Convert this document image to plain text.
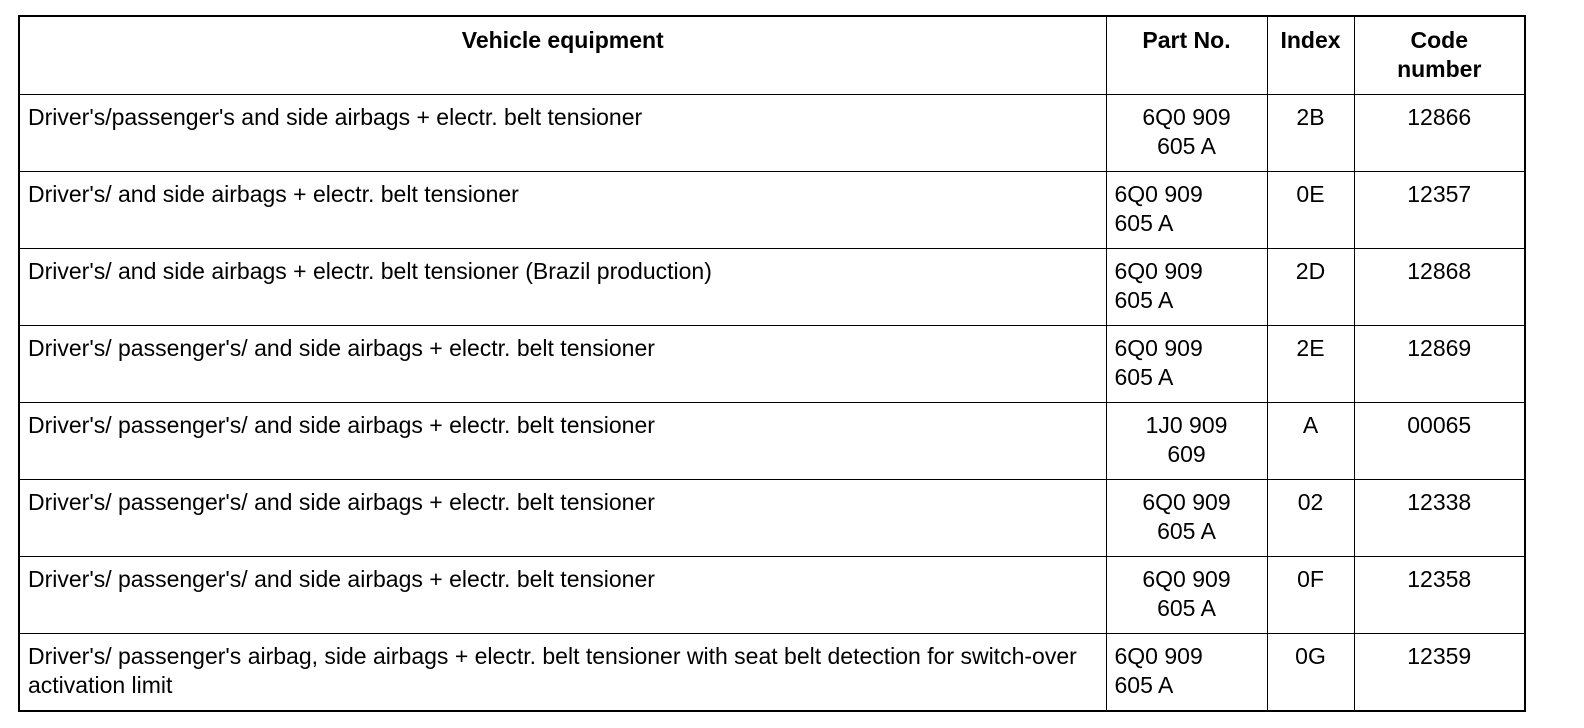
Vehicle equipment	Part No.	Index	Code
number

Driver's/passenger's and side airbags + electr. belt tensioner	6Q0 909
605 A	2B	12866
Driver's/ and side airbags + electr. belt tensioner	6Q0 909
605 A	0E	12357
Driver's/ and side airbags + electr. belt tensioner (Brazil production)	6Q0 909
605 A	2D	12868
Driver's/ passenger's/ and side airbags + electr. belt tensioner	6Q0 909
605 A	2E	12869
Driver's/ passenger's/ and side airbags + electr. belt tensioner	1J0 909
609	A	00065
Driver's/ passenger's/ and side airbags + electr. belt tensioner	6Q0 909
605 A	02	12338
Driver's/ passenger's/ and side airbags + electr. belt tensioner	6Q0 909
605 A	0F	12358
Driver's/ passenger's airbag, side airbags + electr. belt tensioner with seat belt detection for switch-over activation limit	6Q0 909
605 A	0G	12359
